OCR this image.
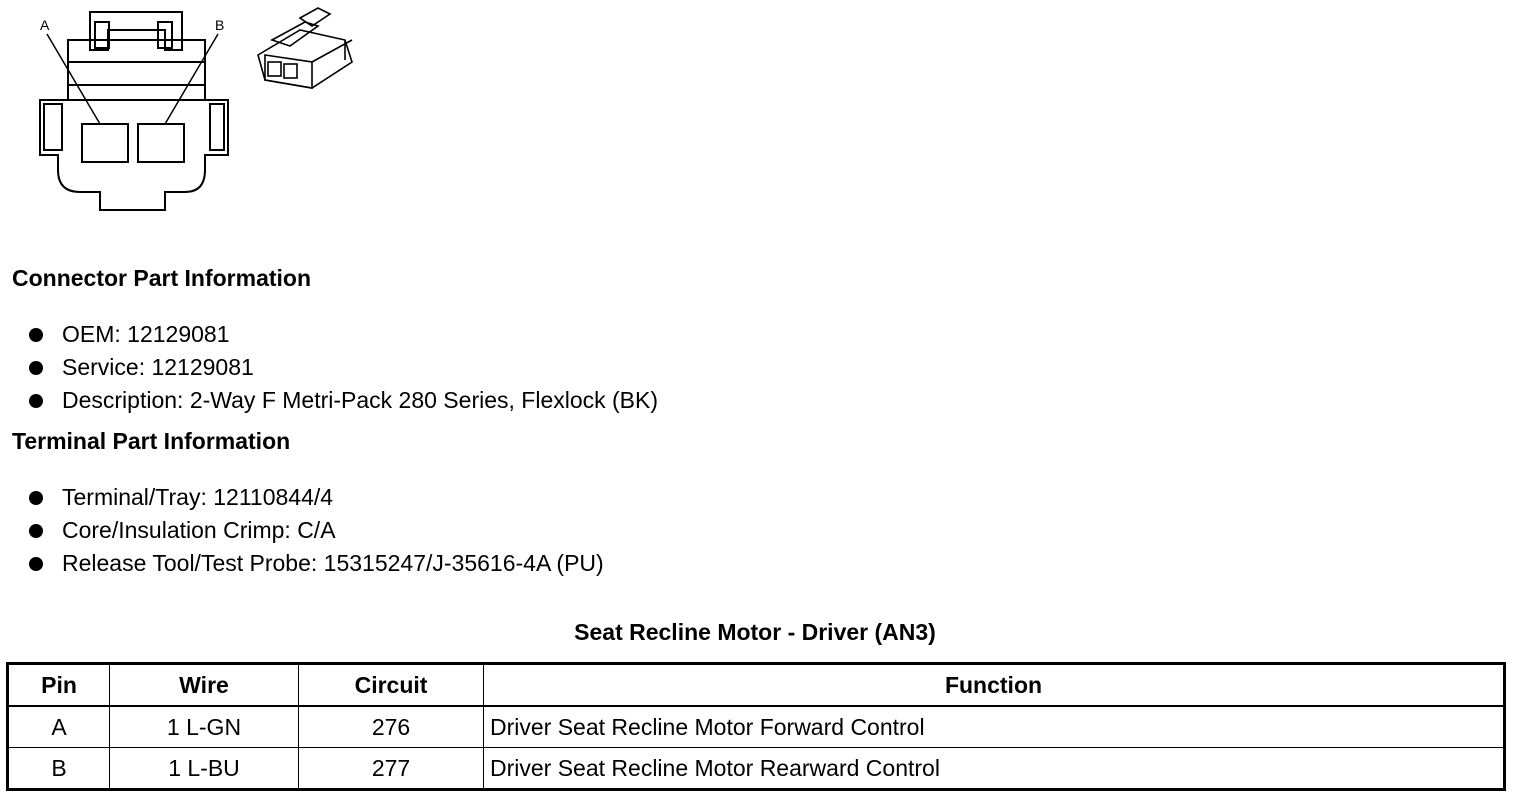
A	B
Connector Part Information
OEM: 12129081
Service: 12129081
Description: 2-Way F Metri-Pack 280 Series, Flexlock (BK)
Terminal Part Information
Terminal/Tray: 12110844/4
Core/Insulation Crimp: C/A
Release Tool/Test Probe: 15315247/J-35616-4A (PU)
Seat Recline Motor - Driver (AN3)
Pin	Wire	Circuit	Function
A	1 L-GN	276	Driver Seat Recline Motor Forward Control
B	1 L-BU	277	Driver Seat Recline Motor Rearward Control
